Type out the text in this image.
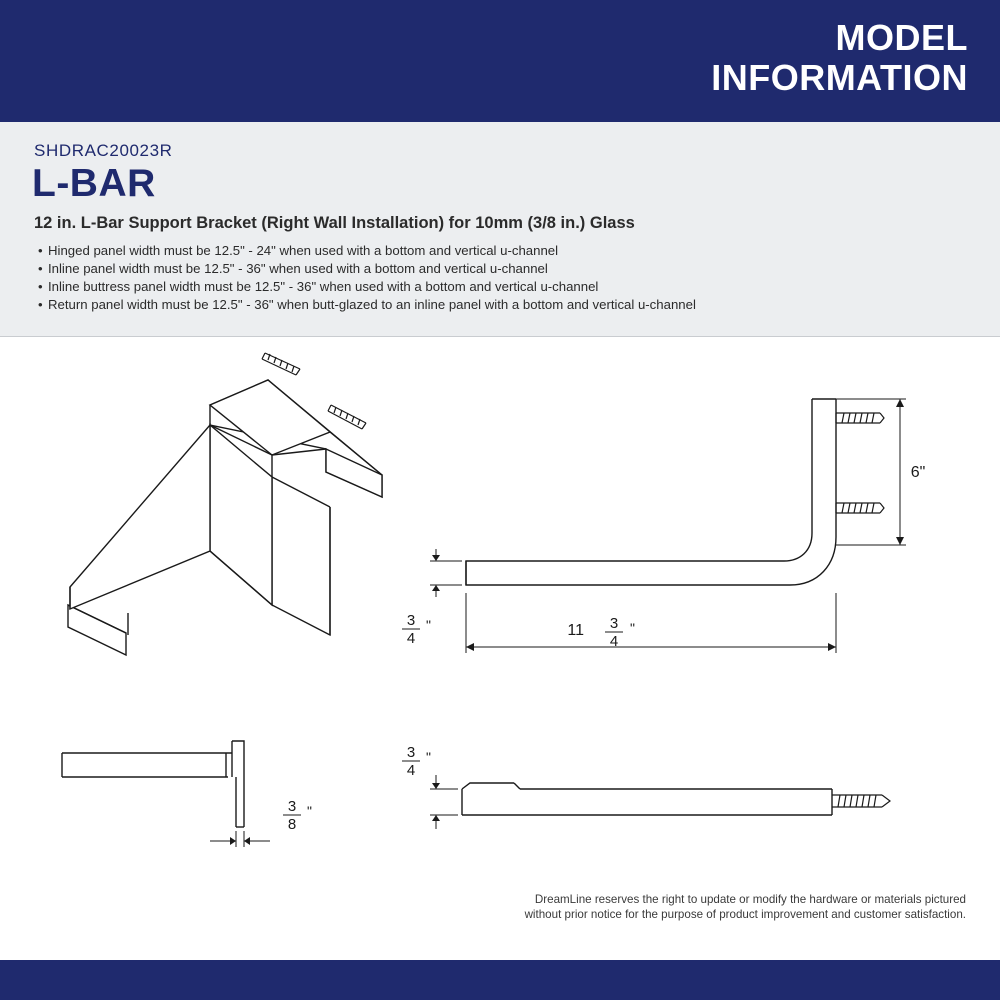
MODEL
INFORMATION
SHDRAC20023R
L-BAR
12 in. L-Bar Support Bracket (Right Wall Installation) for 10mm (3/8 in.) Glass
• Hinged panel width must be 12.5" - 24" when used with a bottom and vertical u-channel
• Inline panel width must be 12.5" - 36" when used with a bottom and vertical u-channel
• Inline buttress panel width must be 12.5" - 36" when used with a bottom and vertical u-channel
• Return panel width must be 12.5" - 36" when butt-glazed to an inline panel with a bottom and vertical u-channel
6"
11 3
4
"
3
4
"
3
8
"
3
4
"
DreamLine reserves the right to update or modify the hardware or materials pictured
without prior notice for the purpose of product improvement and customer satisfaction.
